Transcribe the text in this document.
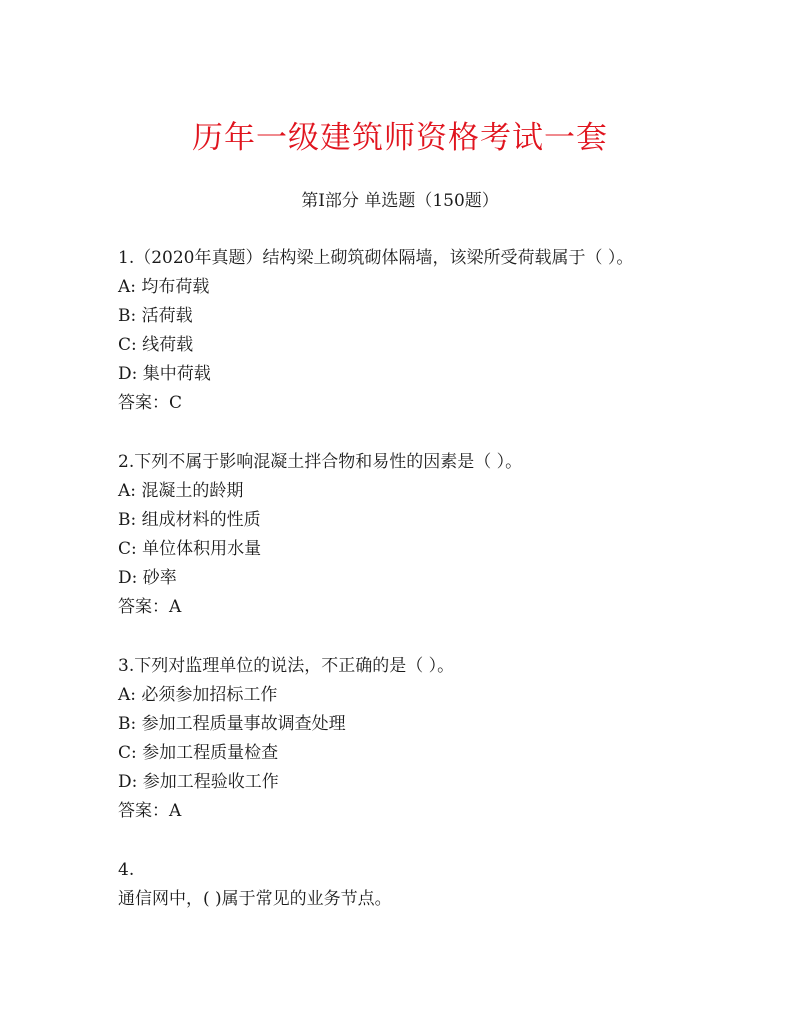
历年一级建筑师资格考试一套
第Ⅰ部分 单选题（150题）
1.（2020年真题）结构梁上砌筑砌体隔墙，该梁所受荷载属于（ ）。
A: 均布荷载
B: 活荷载
C: 线荷载
D: 集中荷载
答案：C
2.下列不属于影响混凝土拌合物和易性的因素是（ ）。
A: 混凝土的龄期
B: 组成材料的性质
C: 单位体积用水量
D: 砂率
答案：A
3.下列对监理单位的说法，不正确的是（ ）。
A: 必须参加招标工作
B: 参加工程质量事故调查处理
C: 参加工程质量检查
D: 参加工程验收工作
答案：A
4.
通信网中，( )属于常见的业务节点。
